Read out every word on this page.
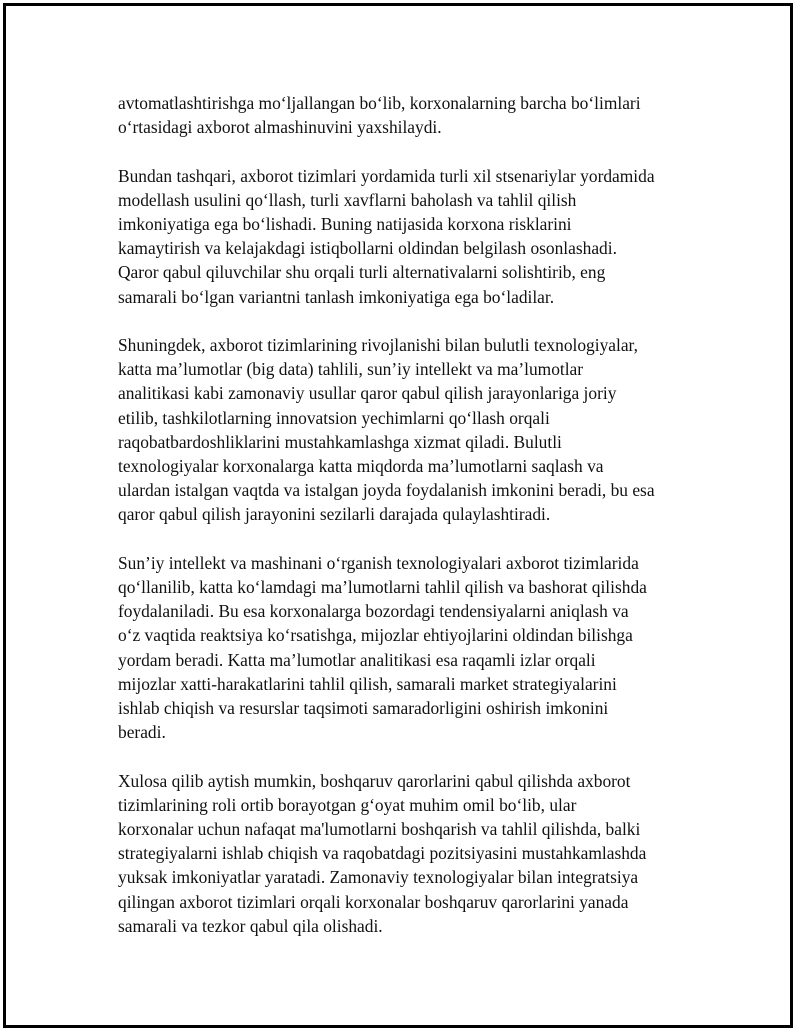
avtomatlashtirishga mo‘ljallangan bo‘lib, korxonalarning barcha bo‘limlari
o‘rtasidagi axborot almashinuvini yaxshilaydi.
Bundan tashqari, axborot tizimlari yordamida turli xil stsenariylar yordamida
modellash usulini qo‘llash, turli xavflarni baholash va tahlil qilish
imkoniyatiga ega bo‘lishadi. Buning natijasida korxona risklarini
kamaytirish va kelajakdagi istiqbollarni oldindan belgilash osonlashadi.
Qaror qabul qiluvchilar shu orqali turli alternativalarni solishtirib, eng
samarali bo‘lgan variantni tanlash imkoniyatiga ega bo‘ladilar.
Shuningdek, axborot tizimlarining rivojlanishi bilan bulutli texnologiyalar,
katta ma’lumotlar (big data) tahlili, sun’iy intellekt va ma’lumotlar
analitikasi kabi zamonaviy usullar qaror qabul qilish jarayonlariga joriy
etilib, tashkilotlarning innovatsion yechimlarni qo‘llash orqali
raqobatbardoshliklarini mustahkamlashga xizmat qiladi. Bulutli
texnologiyalar korxonalarga katta miqdorda ma’lumotlarni saqlash va
ulardan istalgan vaqtda va istalgan joyda foydalanish imkonini beradi, bu esa
qaror qabul qilish jarayonini sezilarli darajada qulaylashtiradi.
Sun’iy intellekt va mashinani o‘rganish texnologiyalari axborot tizimlarida
qo‘llanilib, katta ko‘lamdagi ma’lumotlarni tahlil qilish va bashorat qilishda
foydalaniladi. Bu esa korxonalarga bozordagi tendensiyalarni aniqlash va
o‘z vaqtida reaktsiya ko‘rsatishga, mijozlar ehtiyojlarini oldindan bilishga
yordam beradi. Katta ma’lumotlar analitikasi esa raqamli izlar orqali
mijozlar xatti-harakatlarini tahlil qilish, samarali market strategiyalarini
ishlab chiqish va resurslar taqsimoti samaradorligini oshirish imkonini
beradi.
Xulosa qilib aytish mumkin, boshqaruv qarorlarini qabul qilishda axborot
tizimlarining roli ortib borayotgan g‘oyat muhim omil bo‘lib, ular
korxonalar uchun nafaqat ma'lumotlarni boshqarish va tahlil qilishda, balki
strategiyalarni ishlab chiqish va raqobatdagi pozitsiyasini mustahkamlashda
yuksak imkoniyatlar yaratadi. Zamonaviy texnologiyalar bilan integratsiya
qilingan axborot tizimlari orqali korxonalar boshqaruv qarorlarini yanada
samarali va tezkor qabul qila olishadi.
